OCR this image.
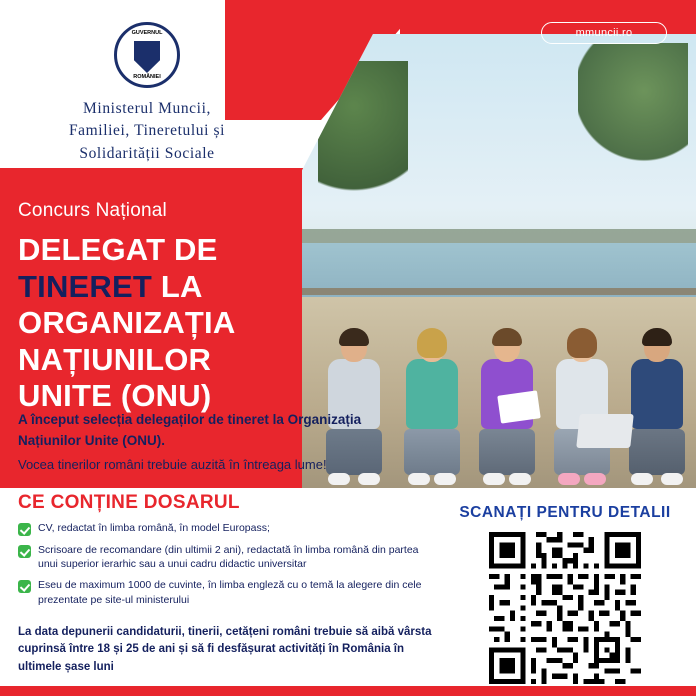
mmuncii.ro
GUVERNUL
ROMÂNIEI
Ministerul Muncii,
Familiei, Tineretului și
Solidarității Sociale
Concurs Național
DELEGAT DE
TINERET LA
ORGANIZAȚIA
NAȚIUNILOR
UNITE (ONU)
A început selecția delegaților de tineret la Organizația Națiunilor Unite (ONU).
Vocea tinerilor români trebuie auzită în întreaga lume!
CE CONȚINE DOSARUL
CV, redactat în limba română, în model Europass;
Scrisoare de recomandare (din ultimii 2 ani), redactată în limba română din partea unui superior ierarhic sau a unui cadru didactic universitar
Eseu de maximum 1000 de cuvinte, în limba engleză cu o temă la alegere din cele prezentate pe site-ul ministerului
La data depunerii candidaturii, tinerii, cetățeni români trebuie să aibă vârsta cuprinsă între 18 și 25 de ani și să fi desfășurat activități în România în ultimele șase luni
SCANAȚI PENTRU DETALII
